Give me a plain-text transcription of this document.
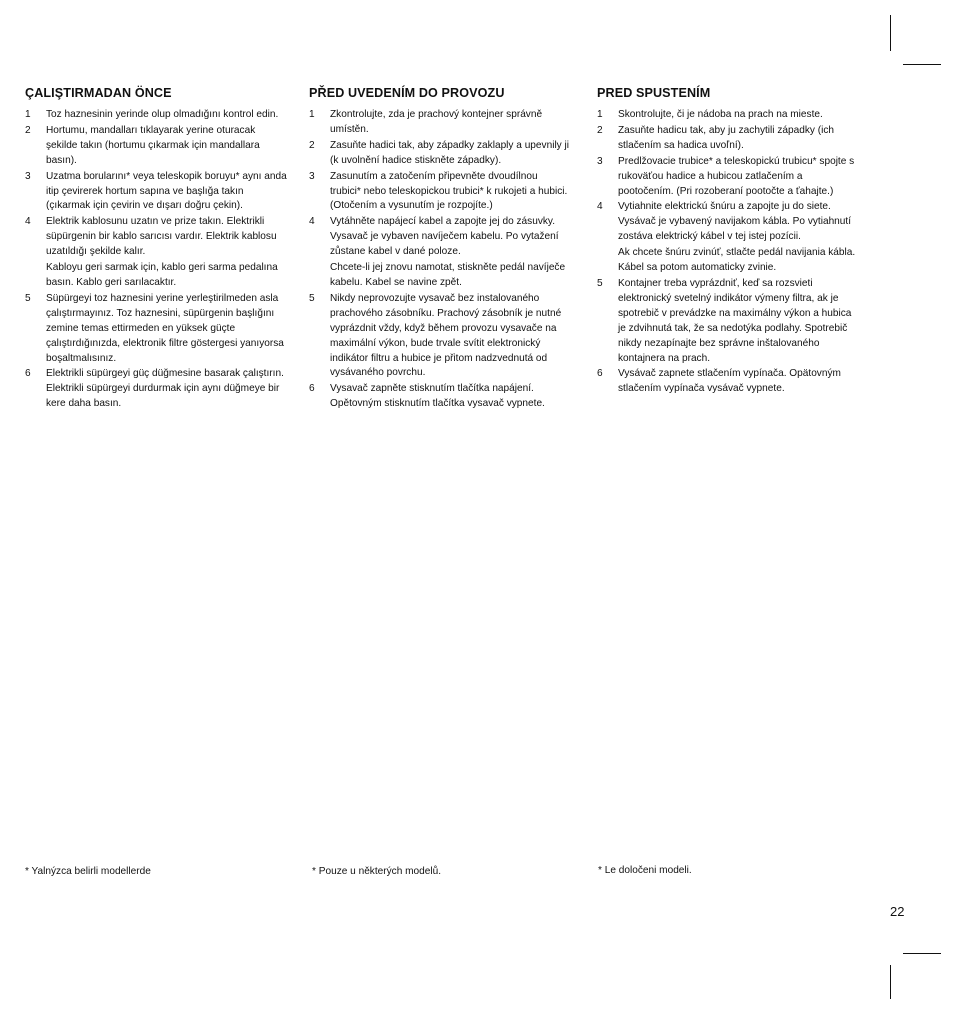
ÇALIŞTIRMADAN ÖNCE
1	Toz haznesinin yerinde olup olmadığını kontrol edin.

2	Hortumu, mandalları tıklayarak yerine oturacak şekilde takın (hortumu çıkarmak için mandallara basın).

3	Uzatma borularını* veya teleskopik boruyu* aynı anda itip çevirerek hortum sapına ve başlığa takın (çıkarmak için çevirin ve dışarı doğru çekin).

4	Elektrik kablosunu uzatın ve prize takın. Elektrikli süpürgenin bir kablo sarıcısı vardır. Elektrik kablosu uzatıldığı şekilde kalır.

Kabloyu geri sarmak için, kablo geri sarma pedalına basın. Kablo geri sarılacaktır.

5	Süpürgeyi toz haznesini yerine yerleştirilmeden asla çalıştırmayınız. Toz haznesini, süpürgenin başlığını zemine temas ettirmeden en yüksek güçte çalıştırdığınızda, elektronik filtre göstergesi yanıyorsa boşaltmalısınız.

6	Elektrikli süpürgeyi güç düğmesine basarak çalıştırın. Elektrikli süpürgeyi durdurmak için aynı düğmeye bir kere daha basın.

PŘED UVEDENÍM DO PROVOZU
1	Zkontrolujte, zda je prachový kontejner správně umístěn.

2	Zasuňte hadici tak, aby západky zaklaply a upevnily ji (k uvolnění hadice stiskněte západky).

3	Zasunutím a zatočením připevněte dvoudílnou trubici* nebo teleskopickou trubici* k rukojeti a hubici. (Otočením a vysunutím je rozpojíte.)

4	Vytáhněte napájecí kabel a zapojte jej do zásuvky. Vysavač je vybaven navíječem kabelu. Po vytažení zůstane kabel v dané poloze.

Chcete-li jej znovu namotat, stiskněte pedál navíječe kabelu. Kabel se navine zpět.

5	Nikdy neprovozujte vysavač bez instalovaného prachového zásobníku. Prachový zásobník je nutné vyprázdnit vždy, když během provozu vysavače na maximální výkon, bude trvale svítit elektronický indikátor filtru a hubice je přitom nadzvednutá od vysávaného povrchu.

6	Vysavač zapněte stisknutím tlačítka napájení. Opětovným stisknutím tlačítka vysavač vypnete.

PRED SPUSTENÍM
1	Skontrolujte, či je nádoba na prach na mieste.

2	Zasuňte hadicu tak, aby ju zachytili západky (ich stlačením sa hadica uvoľní).

3	Predlžovacie trubice* a teleskopickú trubicu* spojte s rukoväťou hadice a hubicou zatlačením a pootočením. (Pri rozoberaní pootočte a ťahajte.)

4	Vytiahnite elektrickú šnúru a zapojte ju do siete. Vysávač je vybavený navijakom kábla. Po vytiahnutí zostáva elektrický kábel v tej istej pozícii.

Ak chcete šnúru zvinúť, stlačte pedál navijania kábla. Kábel sa potom automaticky zvinie.

5	Kontajner treba vyprázdniť, keď sa rozsvieti elektronický svetelný indikátor výmeny filtra, ak je spotrebič v prevádzke na maximálny výkon a hubica je zdvihnutá tak, že sa nedotýka podlahy. Spotrebič nikdy nezapínajte bez správne inštalovaného kontajnera na prach.

6	Vysávač zapnete stlačením vypínača. Opätovným stlačením vypínača vysávač vypnete.

* Yalnýzca belirli modellerde	* Pouze u některých modelů.	* Le določeni modeli.
22
